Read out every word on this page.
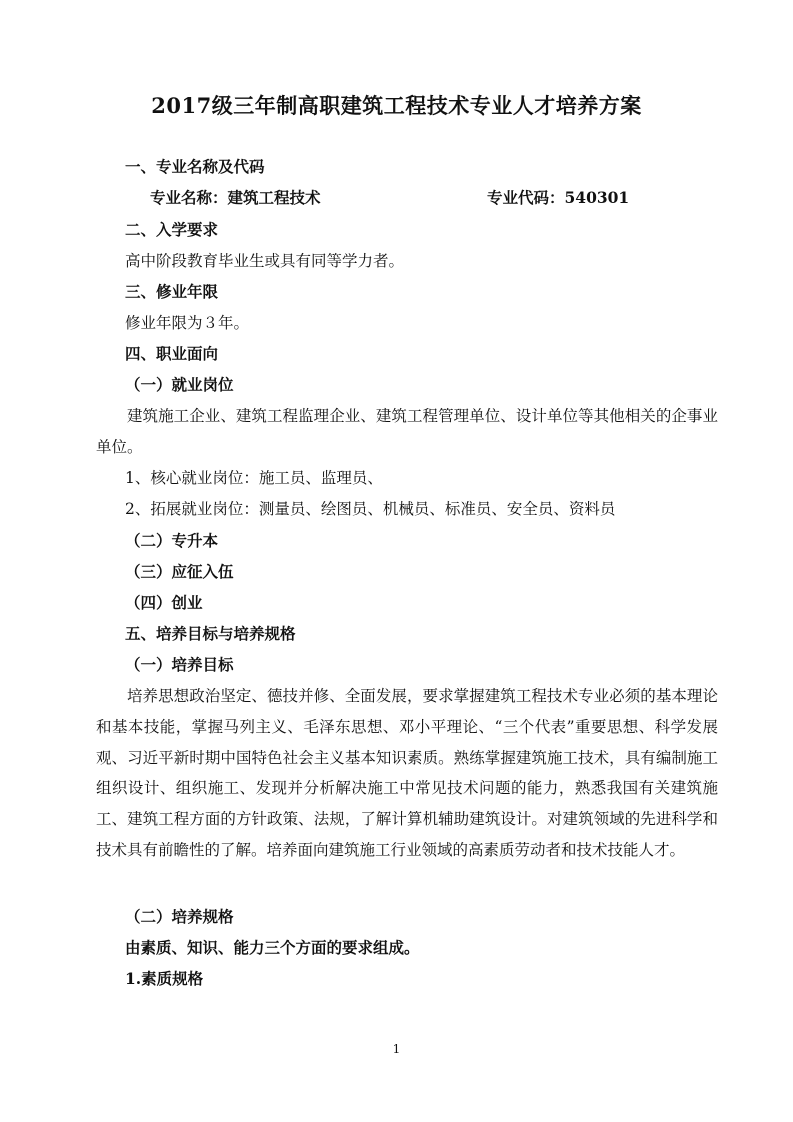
2017级三年制高职建筑工程技术专业人才培养方案
一、专业名称及代码
专业名称：建筑工程技术	专业代码：540301
二、入学要求
高中阶段教育毕业生或具有同等学力者。
三、修业年限
修业年限为３年。
四、职业面向
（一）就业岗位
建筑施工企业、建筑工程监理企业、建筑工程管理单位、设计单位等其他相关的企事业单位。
1、核心就业岗位：施工员、监理员、
2、拓展就业岗位：测量员、绘图员、机械员、标准员、安全员、资料员
（二）专升本
（三）应征入伍
（四）创业
五、培养目标与培养规格
（一）培养目标
培养思想政治坚定、德技并修、全面发展，要求掌握建筑工程技术专业必须的基本理论和基本技能，掌握马列主义、毛泽东思想、邓小平理论、“三个代表”重要思想、科学发展观、习近平新时期中国特色社会主义基本知识素质。熟练掌握建筑施工技术，具有编制施工组织设计、组织施工、发现并分析解决施工中常见技术问题的能力，熟悉我国有关建筑施工、建筑工程方面的方针政策、法规，了解计算机辅助建筑设计。对建筑领域的先进科学和技术具有前瞻性的了解。培养面向建筑施工行业领域的高素质劳动者和技术技能人才。
（二）培养规格
由素质、知识、能力三个方面的要求组成。
1.素质规格
1
